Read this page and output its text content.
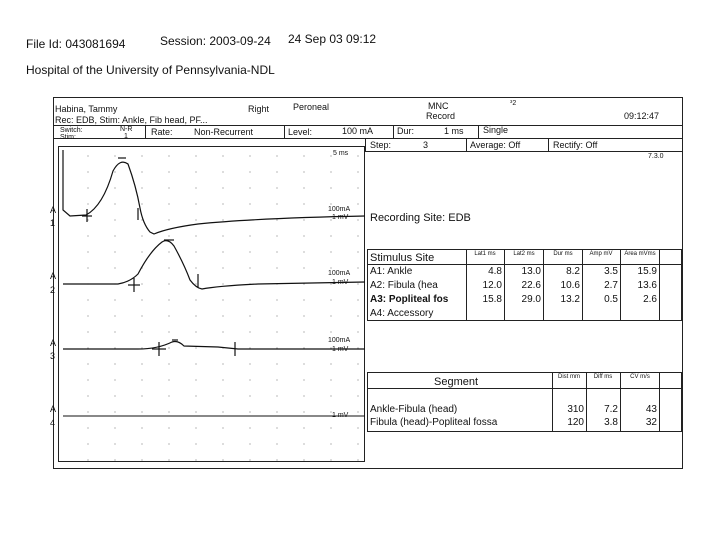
File Id: 043081694	Session: 2003-09-24 24 Sep 03 09:12
Hospital of the University of Pennsylvania-NDL
Habina, Tammy
Rec: EDB, Stim: Ankle, Fib head, PF...
Right	Peroneal	MNC
Record
³2
09:12:47
Switch:	N-R
Stim:	1	Rate: Non-Recurrent	Level:	100 mA	Dur:	1 ms Single
Step:	3	Average: Off	Rectify: Off
7.3.0
5 ms
A
1
100mA
1 mV
A
2
100mA
1 mV
A
3
100mA
1 mV
A
4
1 mV
Recording Site: EDB
Stimulus Site	Lat1 ms	Lat2 ms	Dur ms	Amp mV	Area mVms
A1: Ankle	4.8	13.0	8.2	3.5	15.9
A2: Fibula (hea	12.0	22.6	10.6	2.7	13.6
A3: Popliteal fos	15.8	29.0	13.2	0.5	2.6
A4: Accessory
Segment	Dist mm	Diff ms	CV m/s
Ankle-Fibula (head)	310	7.2	43
Fibula (head)-Popliteal fossa	120	3.8	32
